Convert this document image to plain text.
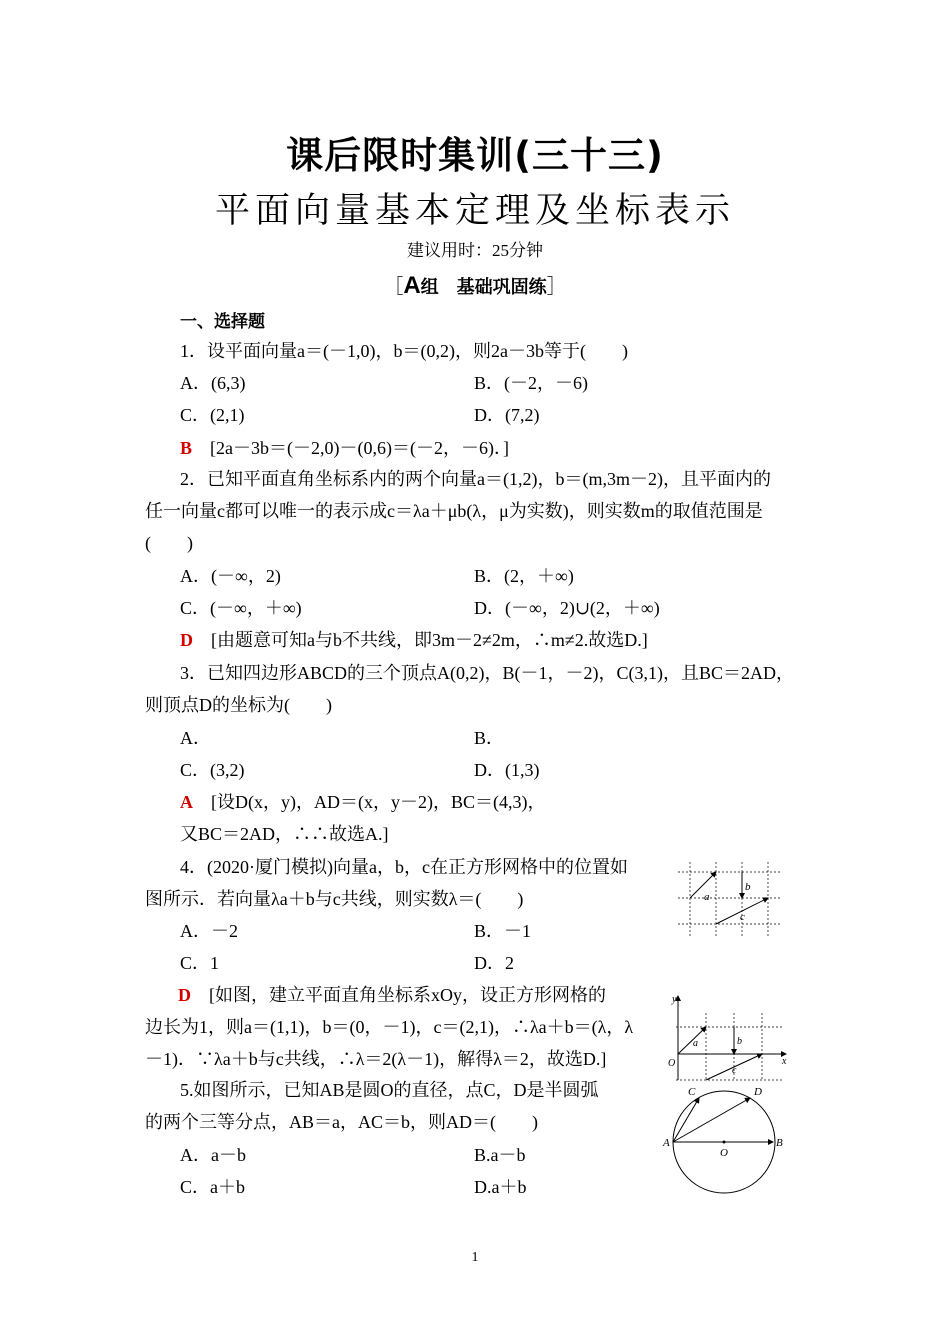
课后限时集训(三十三)
平面向量基本定理及坐标表示
建议用时：25分钟
［A组　基础巩固练］
一、选择题
1．设平面向量a＝(－1,0)，b＝(0,2)，则2a－3b等于(　　)
A．(6,3)	B．(－2，－6)
C．(2,1)	D．(7,2)
B　 [2a－3b＝(－2,0)－(0,6)＝(－2，－6)．]
2．已知平面直角坐标系内的两个向量a＝(1,2)，b＝(m,3m－2)，且平面内的
任一向量c都可以唯一的表示成c＝λa＋μb(λ，μ为实数)，则实数m的取值范围是
(　　)
A．(－∞，2)	B．(2，＋∞)
C．(－∞，＋∞)	D．(－∞，2)∪(2，＋∞)
D　 [由题意可知a与b不共线，即3m－2≠2m，∴m≠2.故选D.]
3．已知四边形ABCD的三个顶点A(0,2)，B(－1，－2)，C(3,1)，且BC＝2AD，
则顶点D的坐标为(　　)
A．	B．
C．(3,2)	D．(1,3)
A　 [设D(x，y)，AD＝(x，y－2)，BC＝(4,3)，
又BC＝2AD，∴∴故选A.]
4．(2020·厦门模拟)向量a，b，c在正方形网格中的位置如
图所示．若向量λa＋b与c共线，则实数λ＝(　　)
A．－2	B．－1
C．1	D．2
D　 [如图，建立平面直角坐标系xOy，设正方形网格的
边长为1，则a＝(1,1)，b＝(0，－1)，c＝(2,1)，∴λa＋b＝(λ，λ
－1)．∵λa＋b与c共线，∴λ＝2(λ－1)，解得λ＝2，故选D.]
5.如图所示，已知AB是圆O的直径，点C，D是半圆弧
的两个三等分点，AB＝a，AC＝b，则AD＝(　　)
A．a－b	B.a－b
C．a＋b	D.a＋b
a
b
c
y
x
O
a	b
c
A	B
C	D
O
1
